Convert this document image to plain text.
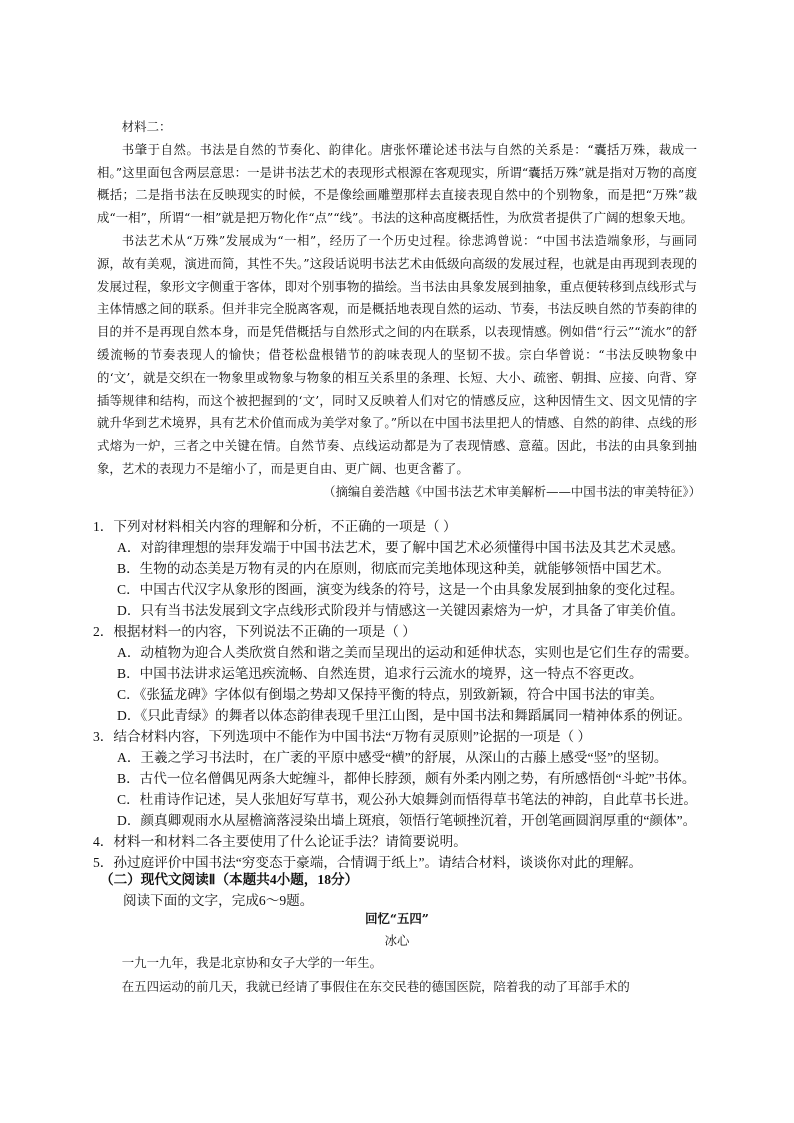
材料二：

书肇于自然。书法是自然的节奏化、韵律化。唐张怀瓘论述书法与自然的关系是：“囊括万殊，裁成一相。”这里面包含两层意思：一是讲书法艺术的表现形式根源在客观现实，所谓“囊括万殊”就是指对万物的高度概括；二是指书法在反映现实的时候，不是像绘画雕塑那样去直接表现自然中的个别物象，而是把“万殊”裁成“一相”，所谓“一相”就是把万物化作“点”“线”。书法的这种高度概括性，为欣赏者提供了广阔的想象天地。

书法艺术从“万殊”发展成为“一相”，经历了一个历史过程。徐悲鸿曾说：“中国书法造端象形，与画同源，故有美观，演进而简，其性不失。”这段话说明书法艺术由低级向高级的发展过程，也就是由再现到表现的发展过程，象形文字侧重于客体，即对个别事物的描绘。当书法由具象发展到抽象，重点便转移到点线形式与主体情感之间的联系。但并非完全脱离客观，而是概括地表现自然的运动、节奏，书法反映自然的节奏韵律的目的并不是再现自然本身，而是凭借概括与自然形式之间的内在联系，以表现情感。例如借“行云”“流水”的舒缓流畅的节奏表现人的愉快；借苍松盘根错节的韵味表现人的坚韧不拔。宗白华曾说：“书法反映物象中的‘文’，就是交织在一物象里或物象与物象的相互关系里的条理、长短、大小、疏密、朝揖、应接、向背、穿插等规律和结构，而这个被把握到的‘文’，同时又反映着人们对它的情感反应，这种因情生文、因文见情的字就升华到艺术境界，具有艺术价值而成为美学对象了。”所以在中国书法里把人的情感、自然的韵律、点线的形式熔为一炉，三者之中关键在情。自然节奏、点线运动都是为了表现情感、意蕴。因此，书法的由具象到抽象，艺术的表现力不是缩小了，而是更自由、更广阔、也更含蓄了。

（摘编自姜浩越《中国书法艺术审美解析——中国书法的审美特征》）
1．下列对材料相关内容的理解和分析，不正确的一项是（ ）
A．对韵律理想的崇拜发端于中国书法艺术，要了解中国艺术必须懂得中国书法及其艺术灵感。
B．生物的动态美是万物有灵的内在原则，彻底而完美地体现这种美，就能够领悟中国艺术。
C．中国古代汉字从象形的图画，演变为线条的符号，这是一个由具象发展到抽象的变化过程。
D．只有当书法发展到文字点线形式阶段并与情感这一关键因素熔为一炉，才具备了审美价值。
2．根据材料一的内容，下列说法不正确的一项是（ ）
A．动植物为迎合人类欣赏自然和谐之美而呈现出的运动和延伸状态，实则也是它们生存的需要。
B．中国书法讲求运笔迅疾流畅、自然连贯，追求行云流水的境界，这一特点不容更改。
C．《张猛龙碑》字体似有倒塌之势却又保持平衡的特点，别致新颖，符合中国书法的审美。
D．《只此青绿》的舞者以体态韵律表现千里江山图，是中国书法和舞蹈属同一精神体系的例证。
3．结合材料内容，下列选项中不能作为中国书法“万物有灵原则”论据的一项是（ ）
A．王羲之学习书法时，在广袤的平原中感受“横”的舒展，从深山的古藤上感受“竖”的坚韧。
B．古代一位名僧偶见两条大蛇缠斗，都伸长脖颈，颇有外柔内刚之势，有所感悟创“斗蛇”书体。
C．杜甫诗作记述，吴人张旭好写草书，观公孙大娘舞剑而悟得草书笔法的神韵，自此草书长进。
D．颜真卿观雨水从屋檐滴落浸染出墙上斑痕，领悟行笔顿挫沉着，开创笔画圆润厚重的“颜体”。
4．材料一和材料二各主要使用了什么论证手法？请简要说明。
5．孙过庭评价中国书法“穷变态于豪端，合情调于纸上”。请结合材料，谈谈你对此的理解。
（二）现代文阅读Ⅱ（本题共4小题，18分）
阅读下面的文字，完成6～9题。
回忆“五四”
冰心

一九一九年，我是北京协和女子大学的一年生。

在五四运动的前几天，我就已经请了事假住在东交民巷的德国医院，陪着我的动了耳部手术的
